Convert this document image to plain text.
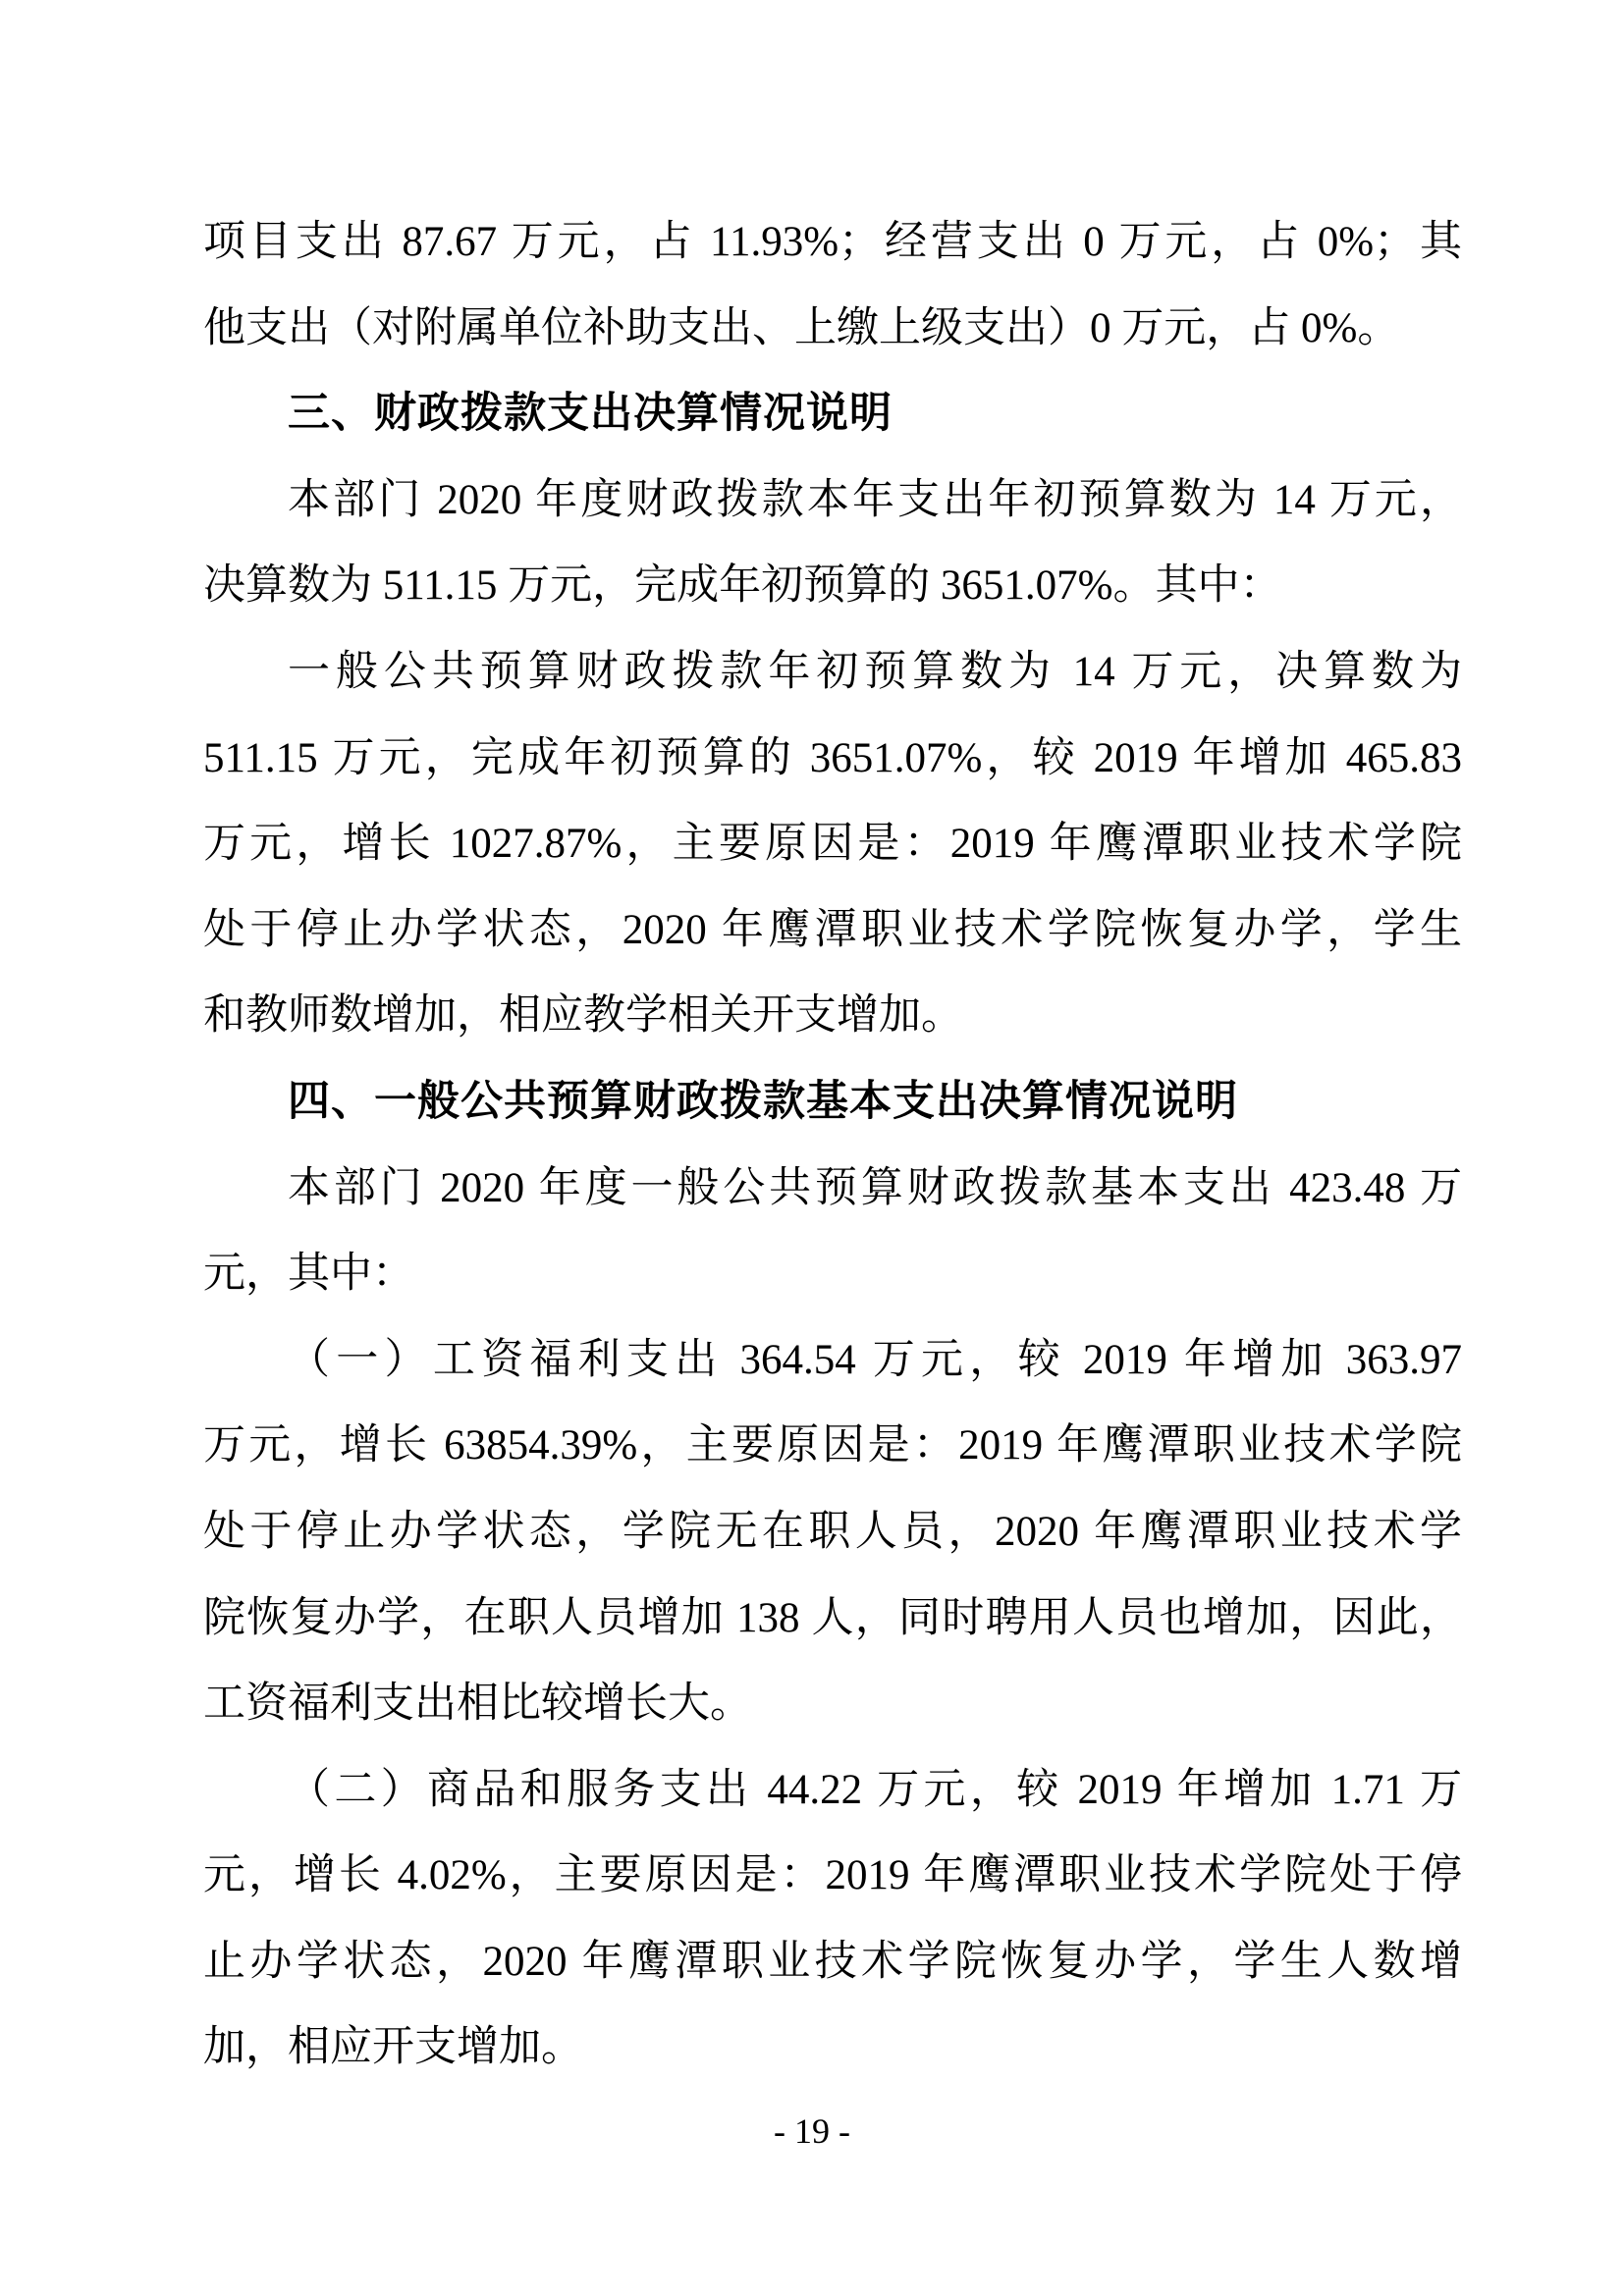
项目支出 87.67 万元，占 11.93%；经营支出 0 万元，占 0%；其
他支出（对附属单位补助支出、上缴上级支出）0 万元，占 0%。
三、财政拨款支出决算情况说明
本部门 2020 年度财政拨款本年支出年初预算数为 14 万元，
决算数为 511.15 万元，完成年初预算的 3651.07%。其中：
一般公共预算财政拨款年初预算数为 14 万元，决算数为
511.15 万元，完成年初预算的 3651.07%，较 2019 年增加 465.83
万元，增长 1027.87%，主要原因是：2019 年鹰潭职业技术学院
处于停止办学状态，2020 年鹰潭职业技术学院恢复办学，学生
和教师数增加，相应教学相关开支增加。
四、一般公共预算财政拨款基本支出决算情况说明
本部门 2020 年度一般公共预算财政拨款基本支出 423.48 万
元，其中：
（一）工资福利支出 364.54 万元，较 2019 年增加 363.97
万元，增长 63854.39%，主要原因是：2019 年鹰潭职业技术学院
处于停止办学状态，学院无在职人员，2020 年鹰潭职业技术学
院恢复办学，在职人员增加 138 人，同时聘用人员也增加，因此，
工资福利支出相比较增长大。
（二）商品和服务支出 44.22 万元，较 2019 年增加 1.71 万
元，增长 4.02%，主要原因是：2019 年鹰潭职业技术学院处于停
止办学状态，2020 年鹰潭职业技术学院恢复办学，学生人数增
加，相应开支增加。
- 19 -
